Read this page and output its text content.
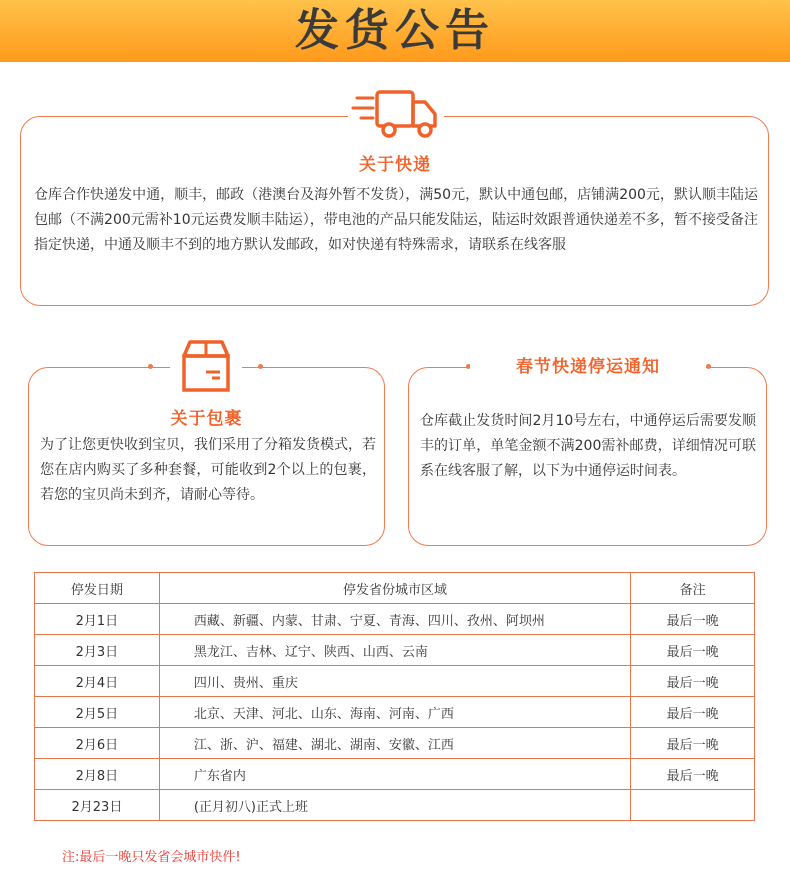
发货公告
关于快递
仓库合作快递发中通，顺丰，邮政（港澳台及海外暂不发货），满50元，默认中通包邮，店铺满200元，默认顺丰陆运包邮（不满200元需补10元运费发顺丰陆运），带电池的产品只能发陆运，陆运时效跟普通快递差不多，暂不接受备注指定快递，中通及顺丰不到的地方默认发邮政，如对快递有特殊需求，请联系在线客服
关于包裹
为了让您更快收到宝贝，我们采用了分箱发货模式，若您在店内购买了多种套餐，可能收到2个以上的包裹，若您的宝贝尚未到齐，请耐心等待。
春节快递停运通知
仓库截止发货时间2月10号左右，中通停运后需要发顺丰的订单，单笔金额不满200需补邮费，详细情况可联系在线客服了解，以下为中通停运时间表。
停发日期	停发省份城市区域	备注
2月1日	西藏、新疆、内蒙、甘肃、宁夏、青海、四川、孜州、阿坝州	最后一晚
2月3日	黑龙江、吉林、辽宁、陕西、山西、云南	最后一晚
2月4日	四川、贵州、重庆	最后一晚
2月5日	北京、天津、河北、山东、海南、河南、广西	最后一晚
2月6日	江、浙、沪、福建、湖北、湖南、安徽、江西	最后一晚
2月8日	广东省内	最后一晚
2月23日	(正月初八)正式上班	
注:最后一晚只发省会城市快件!
